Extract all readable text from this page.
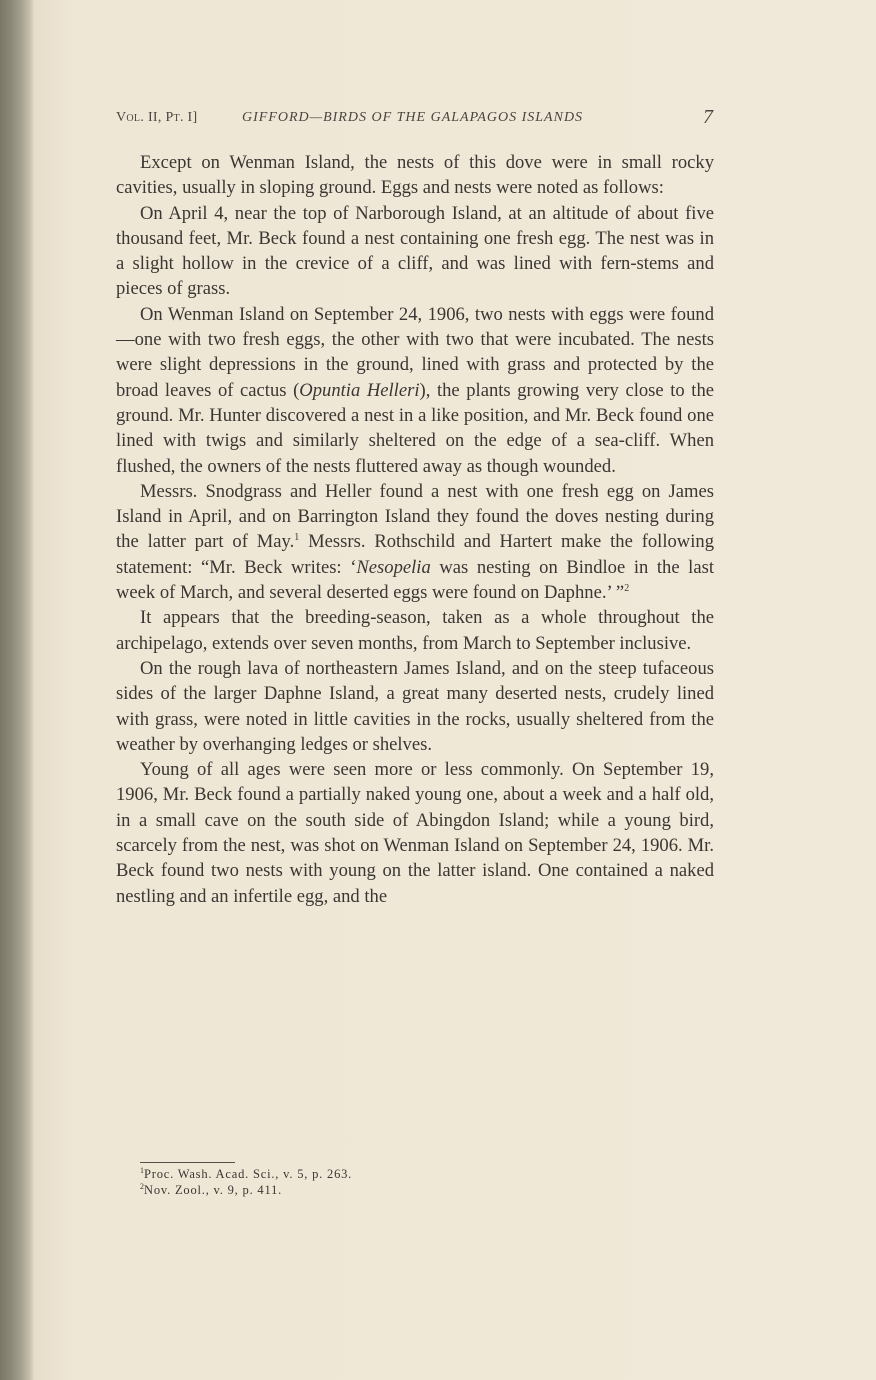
Vol. II, Pt. I]	GIFFORD—BIRDS OF THE GALAPAGOS ISLANDS	7

Except on Wenman Island, the nests of this dove were in small rocky cavities, usually in sloping ground. Eggs and nests were noted as follows:

On April 4, near the top of Narborough Island, at an altitude of about five thousand feet, Mr. Beck found a nest containing one fresh egg. The nest was in a slight hollow in the crevice of a cliff, and was lined with fern-stems and pieces of grass.

On Wenman Island on September 24, 1906, two nests with eggs were found—one with two fresh eggs, the other with two that were incubated. The nests were slight depressions in the ground, lined with grass and protected by the broad leaves of cactus (Opuntia Helleri), the plants growing very close to the ground. Mr. Hunter discovered a nest in a like position, and Mr. Beck found one lined with twigs and similarly sheltered on the edge of a sea-cliff. When flushed, the owners of the nests fluttered away as though wounded.

Messrs. Snodgrass and Heller found a nest with one fresh egg on James Island in April, and on Barrington Island they found the doves nesting during the latter part of May.$^1$ Messrs. Rothschild and Hartert make the following statement: “Mr. Beck writes: ‘Nesopelia was nesting on Bindloe in the last week of March, and several deserted eggs were found on Daphne.’ ”$^2$

It appears that the breeding-season, taken as a whole throughout the archipelago, extends over seven months, from March to September inclusive.

On the rough lava of northeastern James Island, and on the steep tufaceous sides of the larger Daphne Island, a great many deserted nests, crudely lined with grass, were noted in little cavities in the rocks, usually sheltered from the weather by overhanging ledges or shelves.

Young of all ages were seen more or less commonly. On September 19, 1906, Mr. Beck found a partially naked young one, about a week and a half old, in a small cave on the south side of Abingdon Island; while a young bird, scarcely from the nest, was shot on Wenman Island on September 24, 1906. Mr. Beck found two nests with young on the latter island. One contained a naked nestling and an infertile egg, and the

$^1$Proc. Wash. Acad. Sci., v. 5, p. 263.
$^2$Nov. Zool., v. 9, p. 411.
